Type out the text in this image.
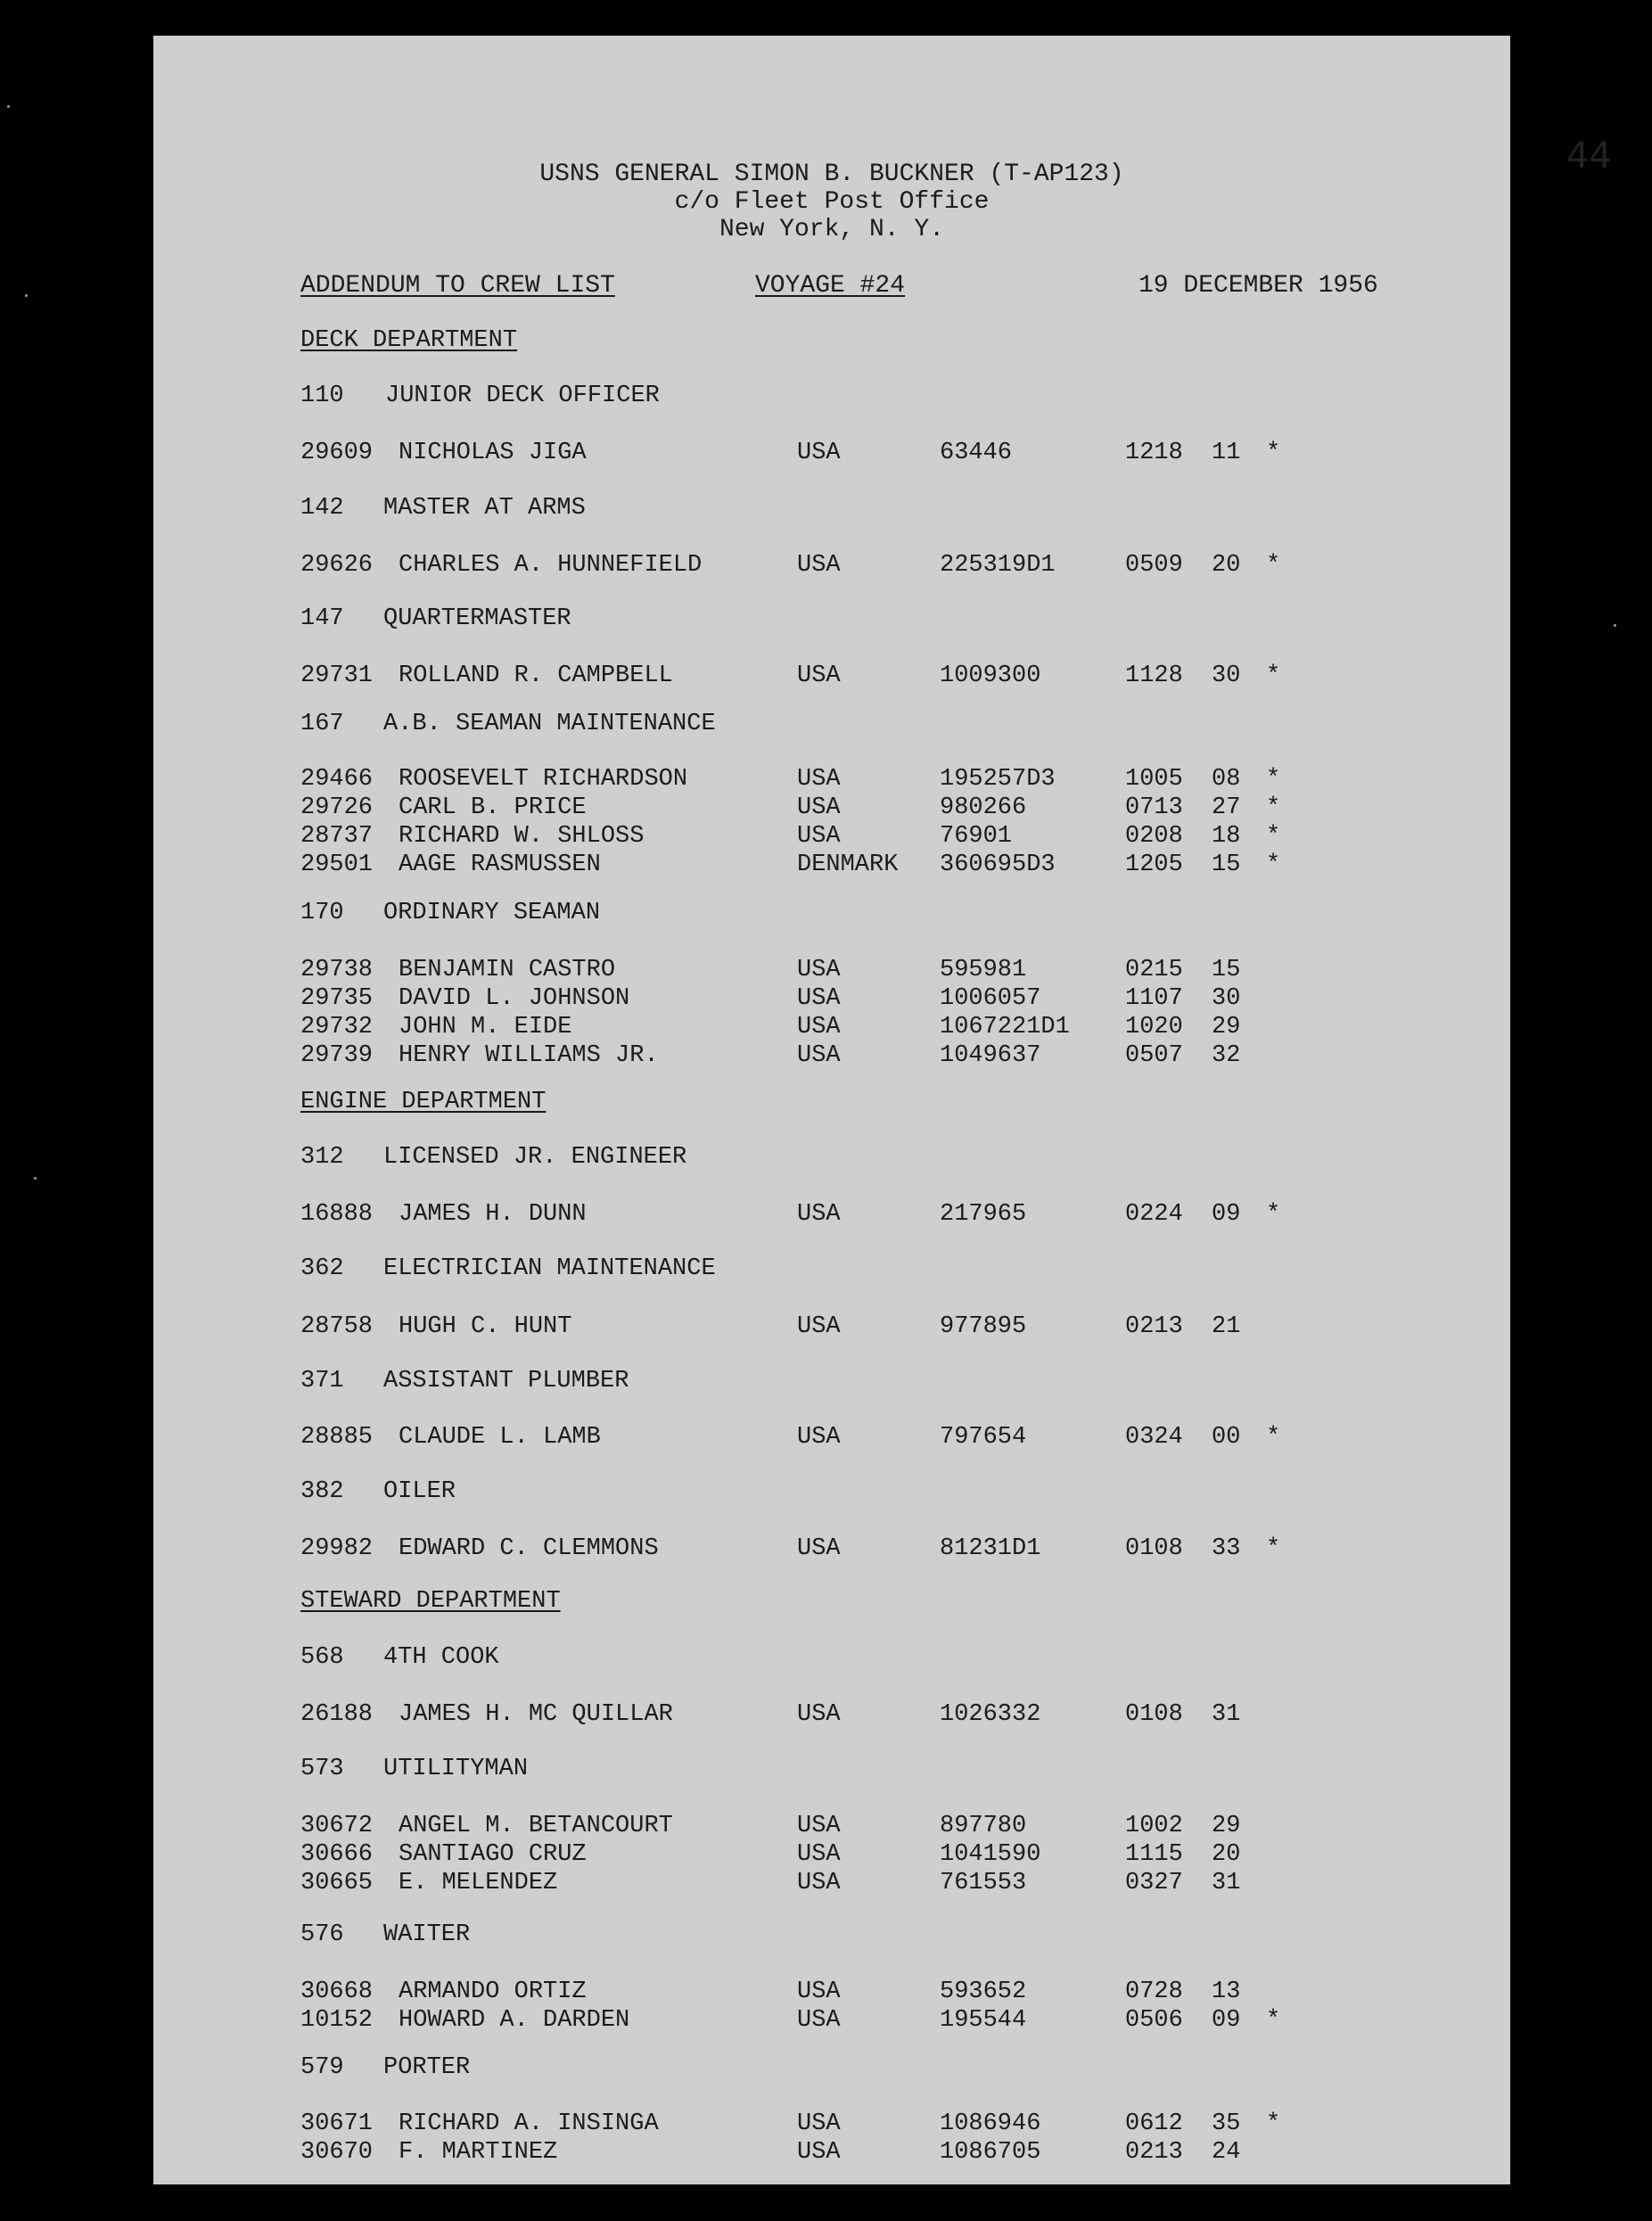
44
USNS GENERAL SIMON B. BUCKNER (T-AP123)
c/o Fleet Post Office
New York, N. Y.
ADDENDUM TO CREW LIST	VOYAGE #24	19 DECEMBER 1956
DECK DEPARTMENT
ENGINE DEPARTMENT
STEWARD DEPARTMENT
110 JUNIOR DECK OFFICER
142 MASTER AT ARMS
147 QUARTERMASTER
167 A.B. SEAMAN MAINTENANCE
170 ORDINARY SEAMAN
312 LICENSED JR. ENGINEER
362 ELECTRICIAN MAINTENANCE
371 ASSISTANT PLUMBER
382 OILER
568 4TH COOK
573 UTILITYMAN
576 WAITER
579 PORTER
29609 NICHOLAS JIGA	USA	63446	1218 11 *
29626 CHARLES A. HUNNEFIELD	USA	225319D1	0509 20 *
29731 ROLLAND R. CAMPBELL	USA	1009300	1128 30 *
29466 ROOSEVELT RICHARDSON	USA	195257D3	1005 08 *
29726 CARL B. PRICE	USA	980266	0713 27 *
28737 RICHARD W. SHLOSS	USA	76901	0208 18 *
29501 AAGE RASMUSSEN	DENMARK 360695D3	1205 15 *
29738 BENJAMIN CASTRO	USA	595981	0215 15
29735 DAVID L. JOHNSON	USA	1006057	1107 30
29732 JOHN M. EIDE	USA	1067221D1 1020 29
29739 HENRY WILLIAMS JR.	USA	1049637	0507 32
16888 JAMES H. DUNN	USA	217965	0224 09 *
28758 HUGH C. HUNT	USA	977895	0213 21
28885 CLAUDE L. LAMB	USA	797654	0324 00 *
29982 EDWARD C. CLEMMONS	USA	81231D1	0108 33 *
26188 JAMES H. MC QUILLAR	USA	1026332	0108 31
30672 ANGEL M. BETANCOURT	USA	897780	1002 29
30666 SANTIAGO CRUZ	USA	1041590	1115 20
30665 E. MELENDEZ	USA	761553	0327 31
30668 ARMANDO ORTIZ	USA	593652	0728 13
10152 HOWARD A. DARDEN	USA	195544	0506 09 *
30671 RICHARD A. INSINGA	USA	1086946	0612 35 *
30670 F. MARTINEZ	USA	1086705	0213 24
